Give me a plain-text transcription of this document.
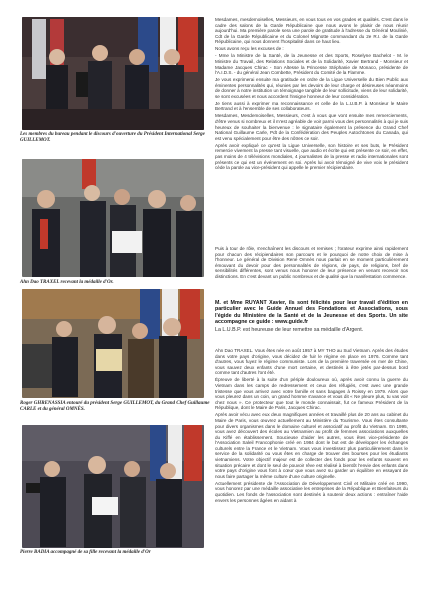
Les membres du bureau pendant le discours d'ouverture du Président International Serge GUILLEMOT.
Ahn Dao TRAXEL recevant la médaille d'Or.
Roger GHRENASSIA entouré du président Serge GUILLEMOT, du Grand Chef Guillaume CARLE et du général OMNÈS.
Pierre BADIA accompagné de sa fille recevant la médaille d'Or

Mesdames, mesdemoiselles, Messieurs, en vous tous en vos grades et qualités. C'est dans le cadre des salons de la Garde Républicaine que nous avons le plaisir de nous réunir aujourd'hui. Ma première parole sera une parole de gratitude à l'adresse du Général Moulinié, Cdt de la Garde Républicaine et du Colonel Mignotte commandant du 2e R.I. de la Garde Républicaine, qui nous donnent l'hospitalité dans ce haut lieu.

Nous avons reçu les excuses de :

- Mme la Ministre de la Santé, de la Jeunesse et des Sports, Roselyne Bachelot - M. le Ministre du Travail, des Relations Sociales et de la Solidarité, Xavier Bertrand - Monsieur et Madame Jacques Chirac - Son Altesse la Princesse Stéphanie de Monaco, présidente de l'A.I.D.S. - du général Jean Combette, Président du Comité de la Flamme.

Je vous exprimerai ensuite ma gratitude en ordre de la Ligue Universelle du Bien Public aux éminentes personnalités qui, réunies par les devoirs de leur charge et désireuses néanmoins de donner à notre institution un témoignage tangible de leur sollicitude, viens de leur solidarité, se sont excusées et nous accordent l'insigne honneur de leur considération.

Je tiens aussi à exprimer ma reconnaissance et celle de la L.U.B.P. à Monsieur le Maire Bertrand et à l'ensemble de ses collaborateurs.

Mesdames, Mesdemoiselles, Messieurs, c'est à vous que vont ensuite mes remerciements, d'être venus si nombreux et il m'est agréable de voir parmi vous des personnalités à qui je suis heureux de souhaiter la bienvenue : le signataire également la présence du Grand Chef National Guillaume Carle, Pdt de la Confédération des Peuples Autochtones du Canada, qui est venu spécialement pour être des nôtres ce soir.

Après avoir expliqué ce qu'est la Ligue Universelle, son histoire et ses buts, le Président remercie vivement la presse tant visuelle, que audio et écrite qui est présente ce soir, en effet, pas moins de 4 télévisions mondiales, 4 journalistes de la presse et radio internationales sont présents ce qui est un événement en soi. Après lui avoir témoigné de vive voix le président cède la parole au vice-président qui appelle le premier récipiendaire.

Puis à tour de rôle, s'enchaînent les discours et remises ; l'orateur exprime ainsi rapidement pour chacun des récipiendaires son parcours et le pourquoi de notre choix de mise à l'honneur. Le général de Division René Omnès nous parlait en se moment particulièrement émouvant du devoir pour des personnalités de régions, de pays, de religions, bref de sensibilités différentes, sont venus nous honorer de leur présence en venant recevoir nos distinctions. En c'est devant un public nombreux et de qualité que la manifestation commence.

M. et Mme RUYANT Xavier, ils sont félicités pour leur travail d'édition en particulier avec le Guide Annuel des Fondations et Associations, sous l'égide du Ministère de la Santé et de la Jeunesse et des Sports. Un site accompagne ce guide : www.guide.fr

La L.U.B.P. est heureuse de leur remettre sa médaille d'Argent.

Ahn Dao TRAXEL. Vous êtes née en août 1957 à MY THO au Sud Vietnam. Après des études dans votre pays d'origine, vous décidez de fuir le régime en place en 1976. Comme tant d'autres, vous fuyez le régime communiste. Lors de la première traversée en mer de Chine, vous sauvez deux enfants d'une mort certaine, et destinés à être jetés par-dessus bord comme tant d'autres l'ont été.

Épreuve de liberté à la suite d'un périple douloureux où, après avoir connu la guerre du Vietnam dans les camps de redressement et ceux des réfugiés, c'est avec une grande tristesse que vous arrivez avec votre famille et sans bagages à Roissy en 1979. Alors que vous pleurez dans un coin, un grand homme s'avance et vous dit « Ne pleure plus, tu vas voir chez nous ». Ce protecteur que tout le monde connaissait, fut ce fameux Président de la République, dont le Maire de Paris, Jacques Chirac.

Après avoir vécu avec eux deux magnifiques années et travaillé plus de 20 ans au cabinet du Maire de Paris, vous œuvrez actuellement au Ministère du Tourisme. Vous êtes consultante pour divers organismes dans le domaine culturel et associatif au profit du Vietnam. En 1995, vous avez découvert des écoles au Vietnamien au profit de femmes associations auxquelles du Kiffé en établissement. Soucieuse d'aider les autres, vous êtes vice-présidente de l'Association Saleil Francophonie créé en 1984 dont le but est de développer les échanges culturels entre la France et le Vietnam. Vous vous investissez plus particulièrement dans le service de la solidarité ou vous êtes en charge de trouver des bourses pour les étudiants vietnamiens. Votre objectif majeur est de collecter des fonds pour les enfants souvent en situation précaire et dont le seul de pouvoir rêve est réalisé à bientôt l'envie des enfants dans votre pays d'origine vous font à cœur que vous avez su garder un équilibre en essayant de nous faire partager la même culture d'une culture originelle.

Actuellement présidente de l'Association de Développement Civil et Militaire créé en 1990, vous honorez par une médaille associative les entreprises de la République et Bienfaiteurs du quotidien. Les fonds de l'association sont destinés à soutenir deux actions : entraîner l'aide envers les personnes âgées en aidant à
